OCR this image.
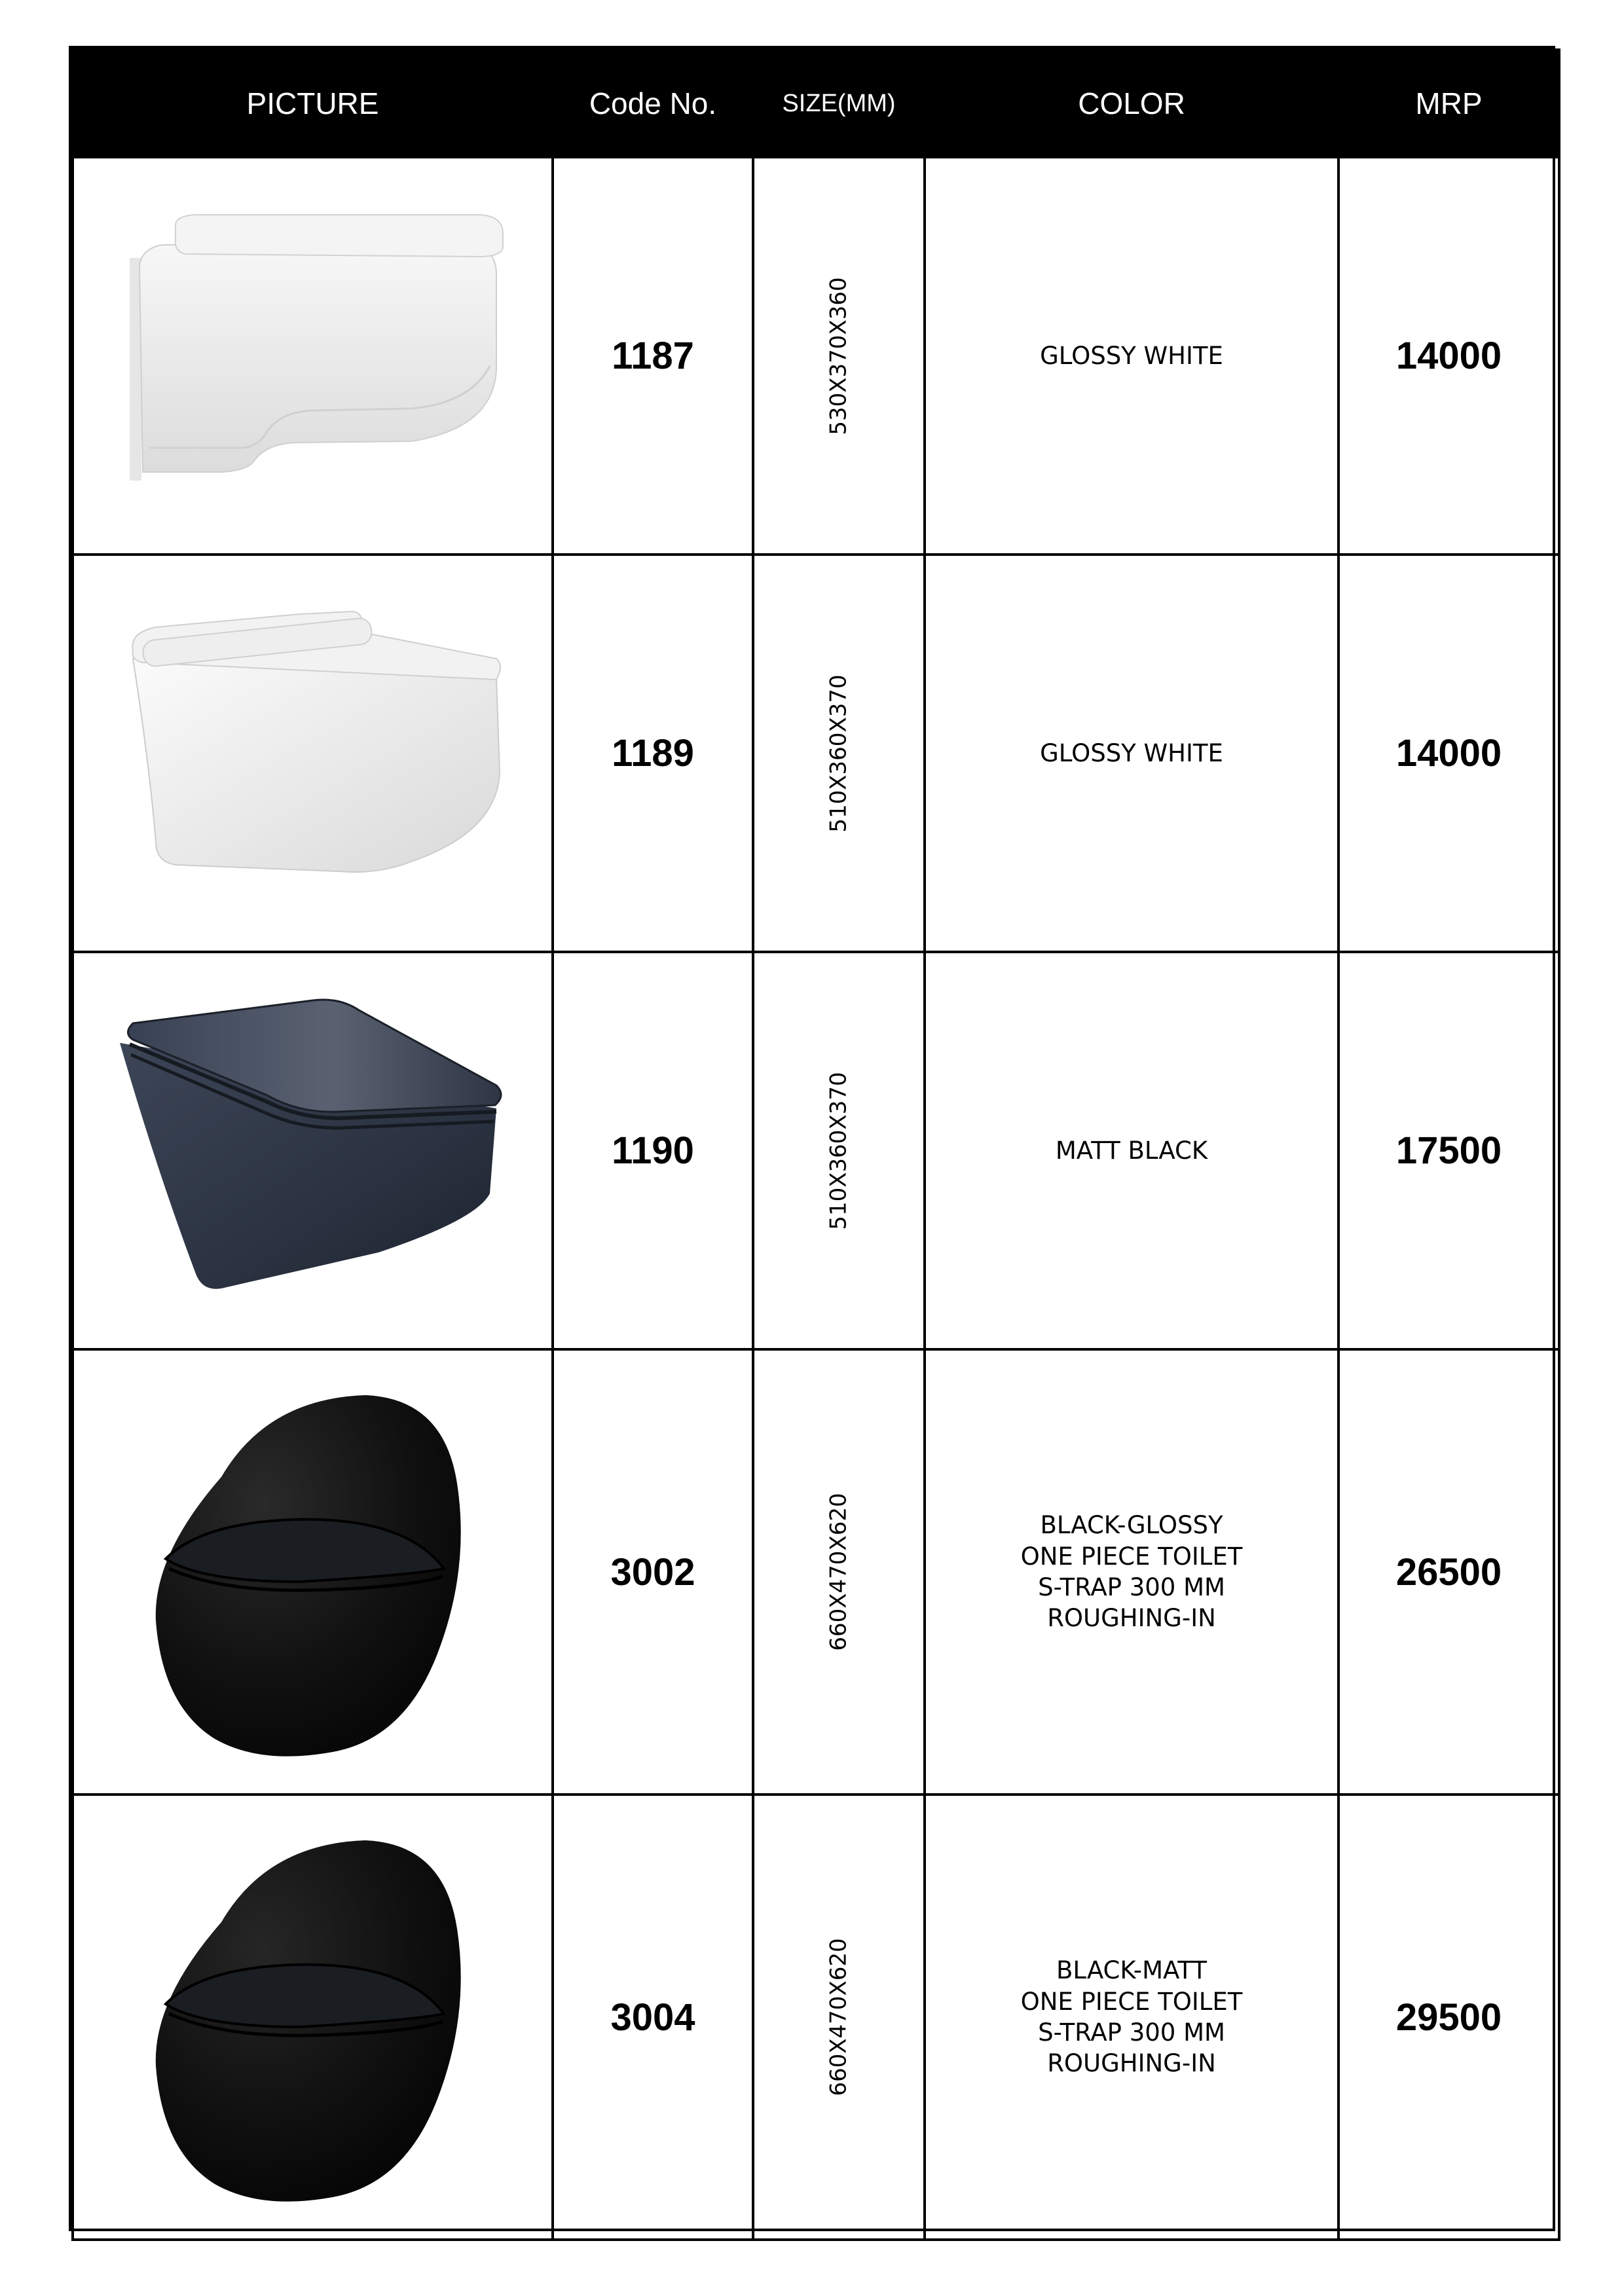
PICTURE	Code No.	SIZE(MM)	COLOR	MRP

	1187	530X370X360	GLOSSY WHITE	14000

	1189	510X360X370	GLOSSY WHITE	14000

	1190	510X360X370	MATT BLACK	17500

	3002	660X470X620	BLACK-GLOSSY
ONE PIECE TOILET
S-TRAP 300 MM
ROUGHING-IN	26500

	3004	660X470X620	BLACK-MATT
ONE PIECE TOILET
S-TRAP 300 MM
ROUGHING-IN	29500
